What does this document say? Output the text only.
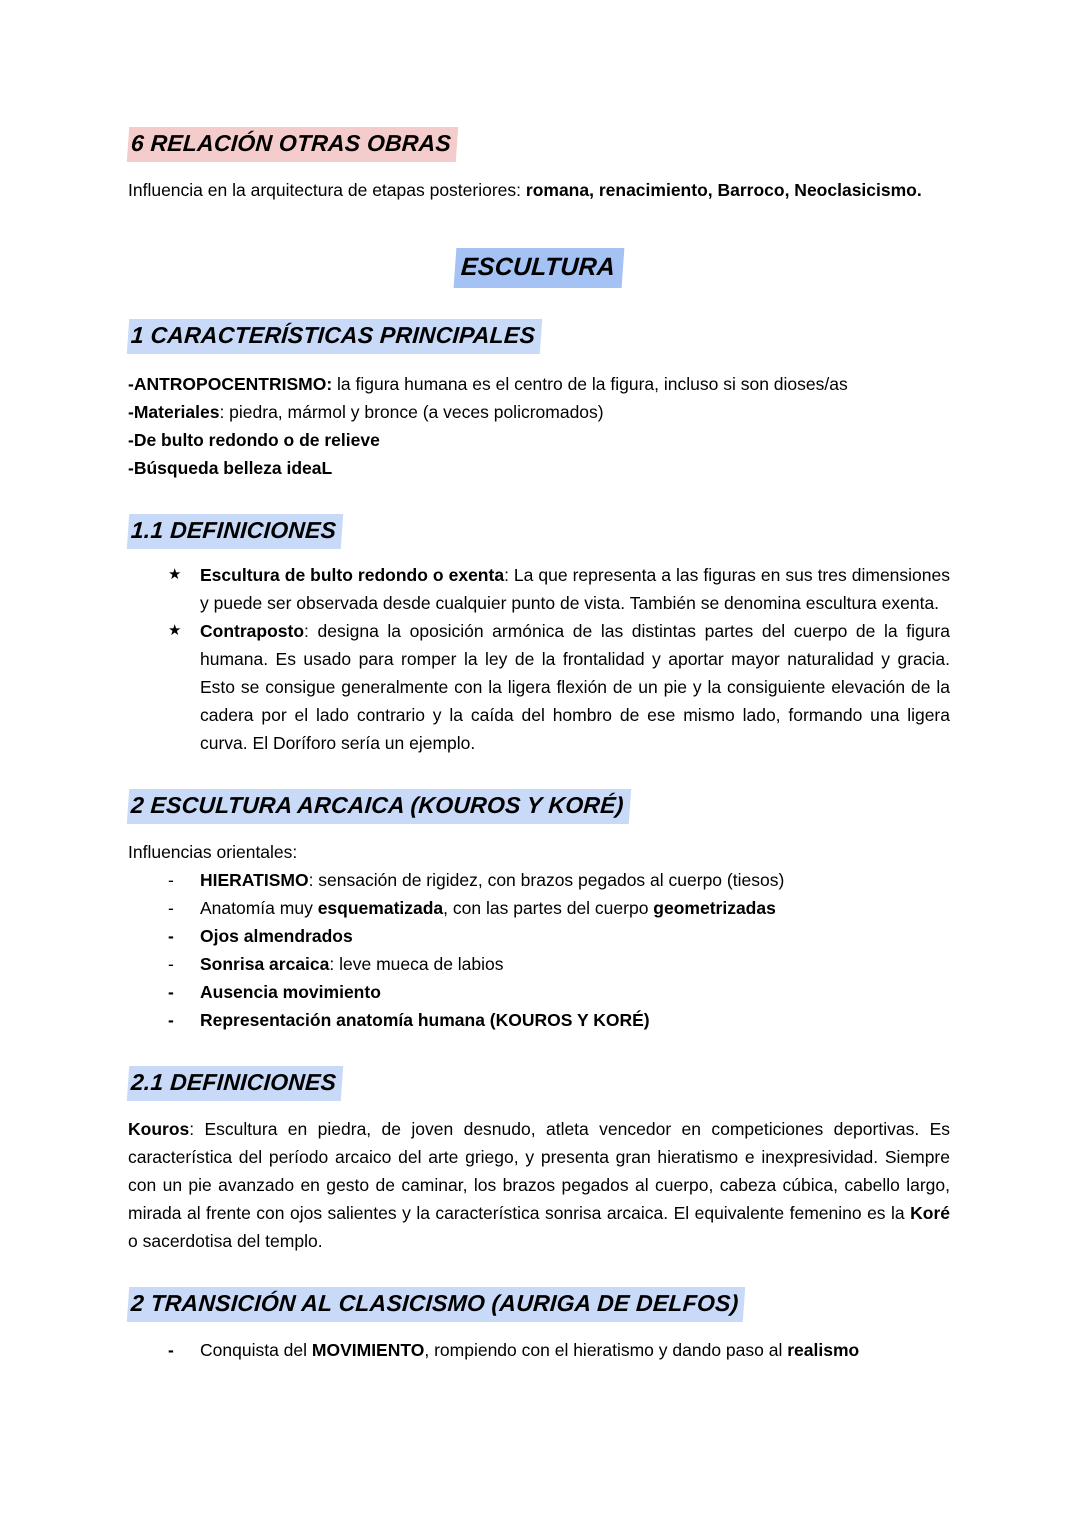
6 RELACIÓN OTRAS OBRAS

Influencia en la arquitectura de etapas posteriores: romana, renacimiento, Barroco, Neoclasicismo.

ESCULTURA
1 CARACTERÍSTICAS PRINCIPALES

-ANTROPOCENTRISMO: la figura humana es el centro de la figura, incluso si son dioses/as

-Materiales: piedra, mármol y bronce (a veces policromados)

-De bulto redondo o de relieve

-Búsqueda belleza ideaL

1.1 DEFINICIONES
★	Escultura de bulto redondo o exenta: La que representa a las figuras en sus tres dimensiones y puede ser observada desde cualquier punto de vista. También se denomina escultura exenta.
★	Contraposto: designa la oposición armónica de las distintas partes del cuerpo de la figura humana. Es usado para romper la ley de la frontalidad y aportar mayor naturalidad y gracia. Esto se consigue generalmente con la ligera flexión de un pie y la consiguiente elevación de la cadera por el lado contrario y la caída del hombro de ese mismo lado, formando una ligera curva. El Doríforo sería un ejemplo.
2 ESCULTURA ARCAICA (KOUROS Y KORÉ)

Influencias orientales:

-	HIERATISMO: sensación de rigidez, con brazos pegados al cuerpo (tiesos)
-	Anatomía muy esquematizada, con las partes del cuerpo geometrizadas
-	Ojos almendrados
-	Sonrisa arcaica: leve mueca de labios
-	Ausencia movimiento
-	Representación anatomía humana (KOUROS Y KORÉ)
2.1 DEFINICIONES

Kouros: Escultura en piedra, de joven desnudo, atleta vencedor en competiciones deportivas. Es característica del período arcaico del arte griego, y presenta gran hieratismo e inexpresividad. Siempre con un pie avanzado en gesto de caminar, los brazos pegados al cuerpo, cabeza cúbica, cabello largo, mirada al frente con ojos salientes y la característica sonrisa arcaica. El equivalente femenino es la Koré o sacerdotisa del templo.

2 TRANSICIÓN AL CLASICISMO (AURIGA DE DELFOS)
-	Conquista del MOVIMIENTO, rompiendo con el hieratismo y dando paso al realismo
